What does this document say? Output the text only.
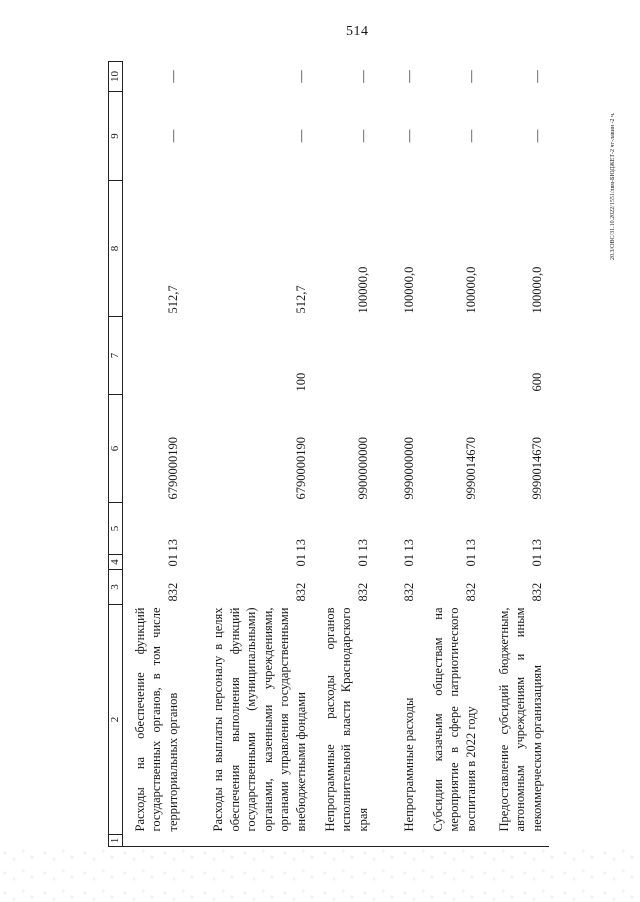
514
20.3/ОВС/31.10.2022/1551/лвм-БЮДЖЕТ-2 чт-лавин -2 ч.
1	2	3	4	5	6	7	8	9	10
	Расходы на обеспечение функций государственных органов, в том числе территориальных органов	832	01	13	6790000190		512,7	—	—
	Расходы на выплаты персоналу в целях обеспечения выполнения функций государственными (муниципальными) органами, казенными учреждениями, органами управления государственными внебюджетными фондами	832	01	13	6790000190	100	512,7	—	—
	Непрограммные расходы органов исполнительной власти Краснодарского края	832	01	13	9900000000		100000,0	—	—
	Непрограммные расходы	832	01	13	9990000000		100000,0	—	—
	Субсидии казачьим обществам на мероприятие в сфере патриотического воспитания в 2022 году	832	01	13	9990014670		100000,0	—	—
	Предоставление субсидий бюджетным, автономным учреждениям и иным некоммерческим организациям	832	01	13	9990014670	600	100000,0	—	—
